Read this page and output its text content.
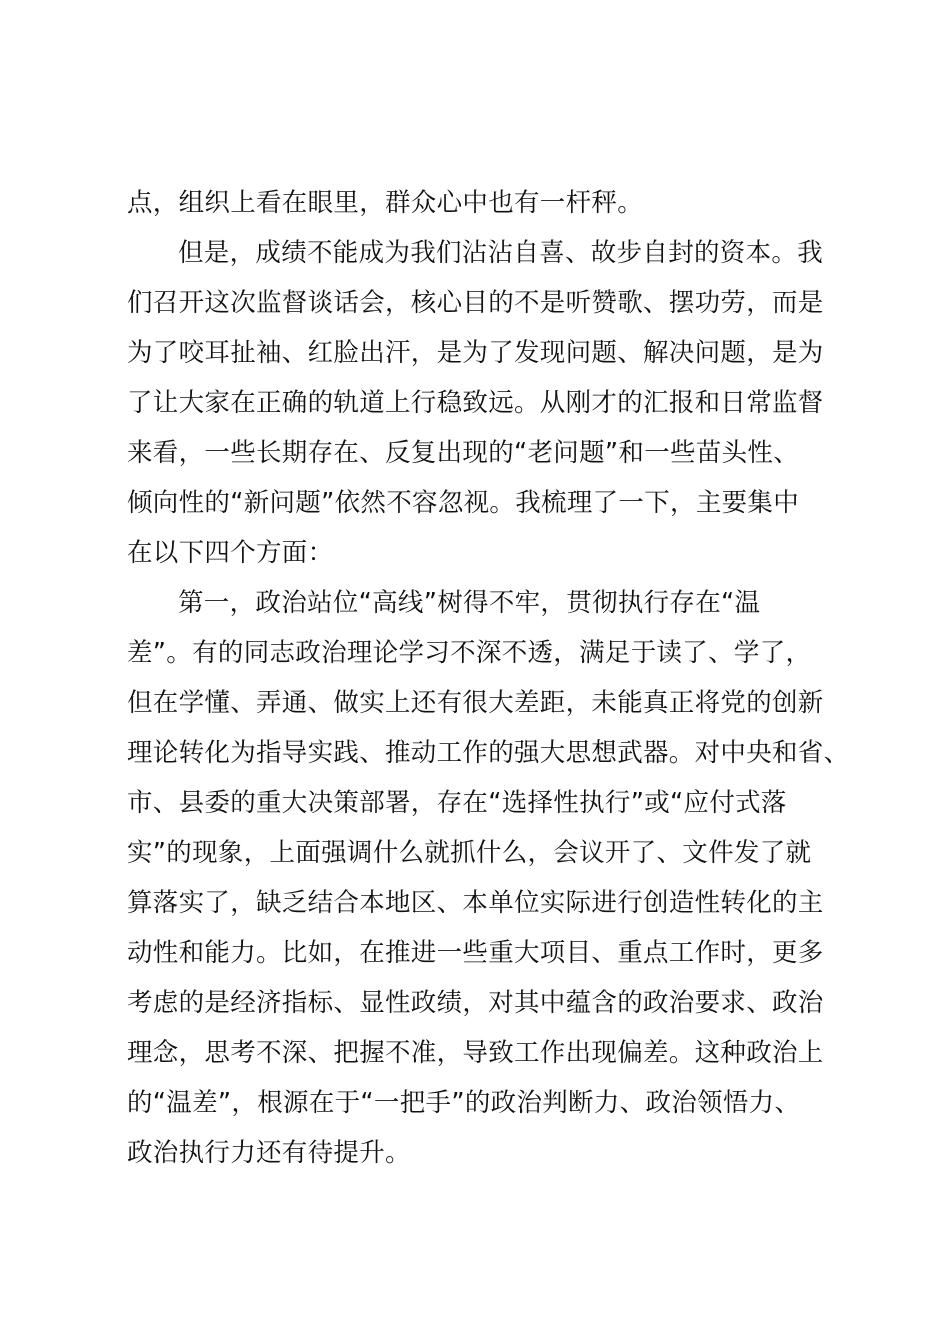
点，组织上看在眼里，群众心中也有一杆秤。
但是，成绩不能成为我们沾沾自喜、故步自封的资本。我
们召开这次监督谈话会，核心目的不是听赞歌、摆功劳，而是
为了咬耳扯袖、红脸出汗，是为了发现问题、解决问题，是为
了让大家在正确的轨道上行稳致远。从刚才的汇报和日常监督
来看，一些长期存在、反复出现的“老问题”和一些苗头性、
倾向性的“新问题”依然不容忽视。我梳理了一下，主要集中
在以下四个方面：
第一，政治站位“高线”树得不牢，贯彻执行存在“温
差”。有的同志政治理论学习不深不透，满足于读了、学了，
但在学懂、弄通、做实上还有很大差距，未能真正将党的创新
理论转化为指导实践、推动工作的强大思想武器。对中央和省、
市、县委的重大决策部署，存在“选择性执行”或“应付式落
实”的现象，上面强调什么就抓什么，会议开了、文件发了就
算落实了，缺乏结合本地区、本单位实际进行创造性转化的主
动性和能力。比如，在推进一些重大项目、重点工作时，更多
考虑的是经济指标、显性政绩，对其中蕴含的政治要求、政治
理念，思考不深、把握不准，导致工作出现偏差。这种政治上
的“温差”，根源在于“一把手”的政治判断力、政治领悟力、
政治执行力还有待提升。
